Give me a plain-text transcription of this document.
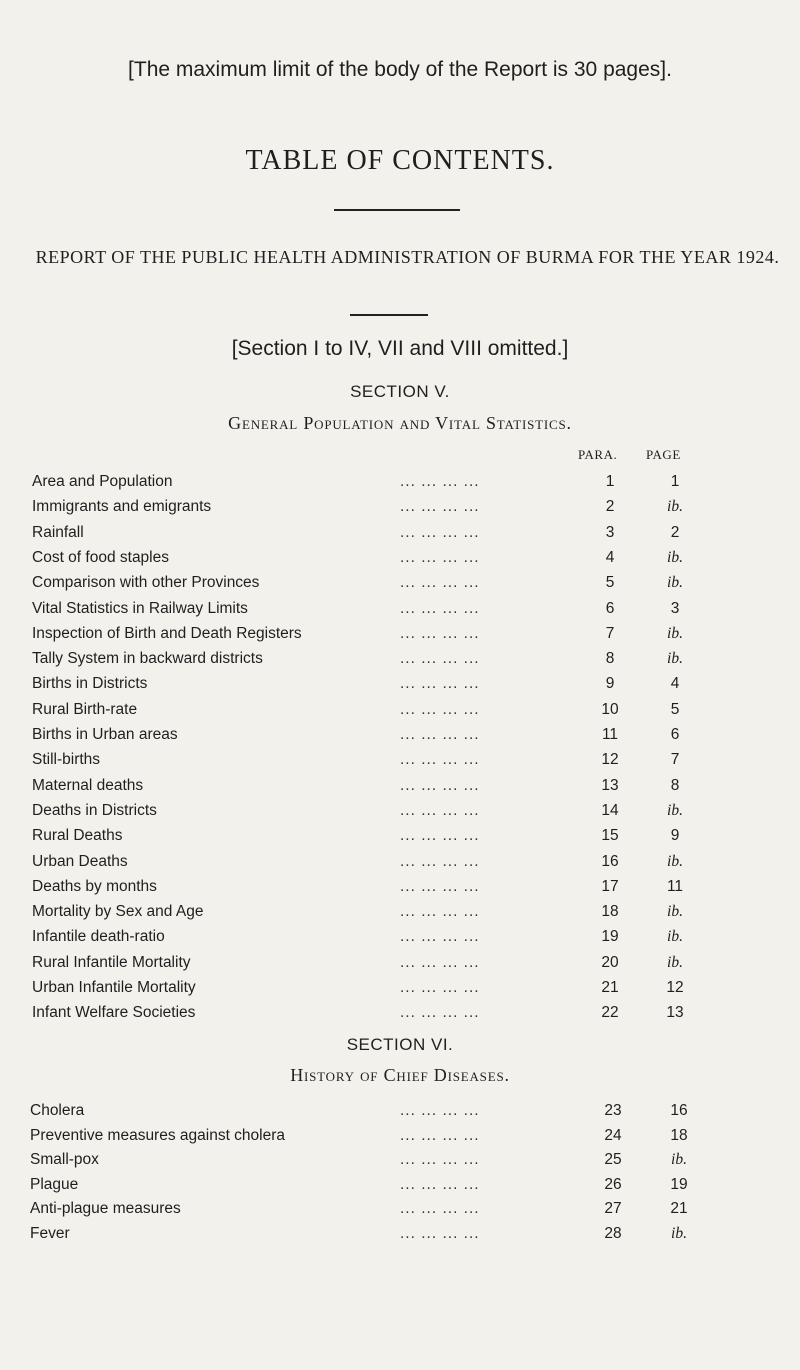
[The maximum limit of the body of the Report is 30 pages].
TABLE OF CONTENTS.
REPORT OF THE PUBLIC HEALTH ADMINISTRATION OF BURMA FOR THE YEAR 1924.
[Section I to IV, VII and VIII omitted.]
SECTION V.
General Population and Vital Statistics.
PARA. PAGE
Area and Population	... ... ... ...	1	1
Immigrants and emigrants	... ... ... ...	2	ib.
Rainfall	... ... ... ...	3	2
Cost of food staples	... ... ... ...	4	ib.
Comparison with other Provinces	... ... ... ...	5	ib.
Vital Statistics in Railway Limits	... ... ... ...	6	3
Inspection of Birth and Death Registers	... ... ... ...	7	ib.
Tally System in backward districts	... ... ... ...	8	ib.
Births in Districts	... ... ... ...	9	4
Rural Birth-rate	... ... ... ...	10	5
Births in Urban areas	... ... ... ...	11	6
Still-births	... ... ... ...	12	7
Maternal deaths	... ... ... ...	13	8
Deaths in Districts	... ... ... ...	14	ib.
Rural Deaths	... ... ... ...	15	9
Urban Deaths	... ... ... ...	16	ib.
Deaths by months	... ... ... ...	17	11
Mortality by Sex and Age	... ... ... ...	18	ib.
Infantile death-ratio	... ... ... ...	19	ib.
Rural Infantile Mortality	... ... ... ...	20	ib.
Urban Infantile Mortality	... ... ... ...	21	12
Infant Welfare Societies	... ... ... ...	22	13
SECTION VI.
History of Chief Diseases.
Cholera	... ... ... ...	23	16
Preventive measures against cholera	... ... ... ...	24	18
Small-pox	... ... ... ...	25	ib.
Plague	... ... ... ...	26	19
Anti-plague measures	... ... ... ...	27	21
Fever	... ... ... ...	28	ib.
